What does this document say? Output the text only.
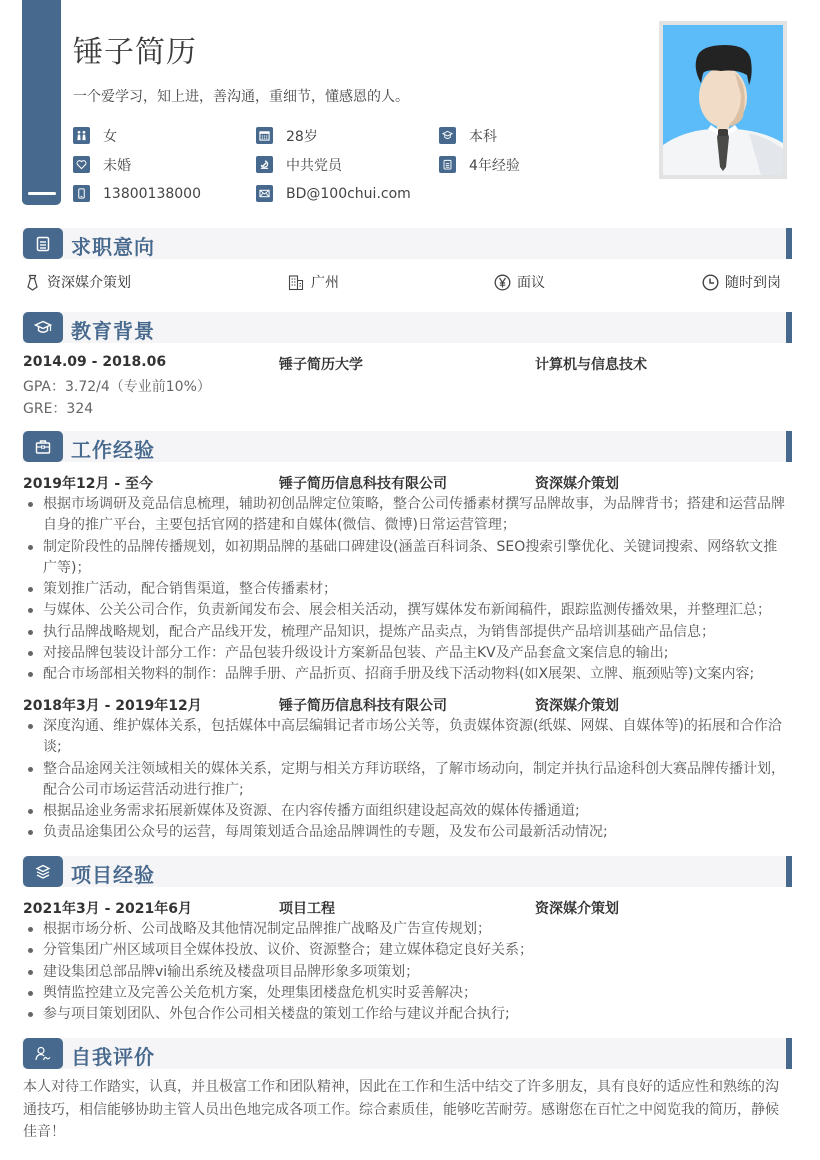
锤子简历
一个爱学习，知上进，善沟通，重细节，懂感恩的人。
女	28岁	本科
未婚	中共党员	4年经验
13800138000	BD@100chui.com
求职意向
资深媒介策划	广州	面议	随时到岗
教育背景
2014.09 - 2018.06	锤子简历大学	计算机与信息技术
GPA：3.72/4（专业前10%）
GRE：324
工作经验
2019年12月 - 至今	锤子简历信息科技有限公司	资深媒介策划
根据市场调研及竞品信息梳理，辅助初创品牌定位策略，整合公司传播素材撰写品牌故事，为品牌背书；搭建和运营品牌自身的推广平台，主要包括官网的搭建和自媒体(微信、微博)日常运营管理；
制定阶段性的品牌传播规划，如初期品牌的基础口碑建设(涵盖百科词条、SEO搜索引擎优化、关键词搜索、网络软文推广等)；
策划推广活动，配合销售渠道，整合传播素材；
与媒体、公关公司合作，负责新闻发布会、展会相关活动，撰写媒体发布新闻稿件，跟踪监测传播效果，并整理汇总；
执行品牌战略规划，配合产品线开发，梳理产品知识，提炼产品卖点，为销售部提供产品培训基础产品信息；
对接品牌包装设计部分工作：产品包装升级设计方案新品包装、产品主KV及产品套盒文案信息的输出;
配合市场部相关物料的制作：品牌手册、产品折页、招商手册及线下活动物料(如X展架、立牌、瓶颈贴等)文案内容;
2018年3月 - 2019年12月	锤子简历信息科技有限公司	资深媒介策划
深度沟通、维护媒体关系，包括媒体中高层编辑记者市场公关等，负责媒体资源(纸媒、网媒、自媒体等)的拓展和合作洽谈;
整合品途网关注领域相关的媒体关系，定期与相关方拜访联络，了解市场动向，制定并执行品途科创大赛品牌传播计划，配合公司市场运营活动进行推广;
根据品途业务需求拓展新媒体及资源、在内容传播方面组织建设起高效的媒体传播通道;
负责品途集团公众号的运营，每周策划适合品途品牌调性的专题，及发布公司最新活动情况;
项目经验
2021年3月 - 2021年6月	项目工程	资深媒介策划
根据市场分析、公司战略及其他情况制定品牌推广战略及广告宣传规划；
分管集团广州区域项目全媒体投放、议价、资源整合；建立媒体稳定良好关系；
建设集团总部品牌vi输出系统及楼盘项目品牌形象多项策划；
舆情监控建立及完善公关危机方案，处理集团楼盘危机实时妥善解决；
参与项目策划团队、外包合作公司相关楼盘的策划工作给与建议并配合执行;
自我评价
本人对待工作踏实，认真，并且极富工作和团队精神，因此在工作和生活中结交了许多朋友，具有良好的适应性和熟练的沟通技巧，相信能够协助主管人员出色地完成各项工作。综合素质佳，能够吃苦耐劳。感谢您在百忙之中阅览我的简历，静候佳音！
